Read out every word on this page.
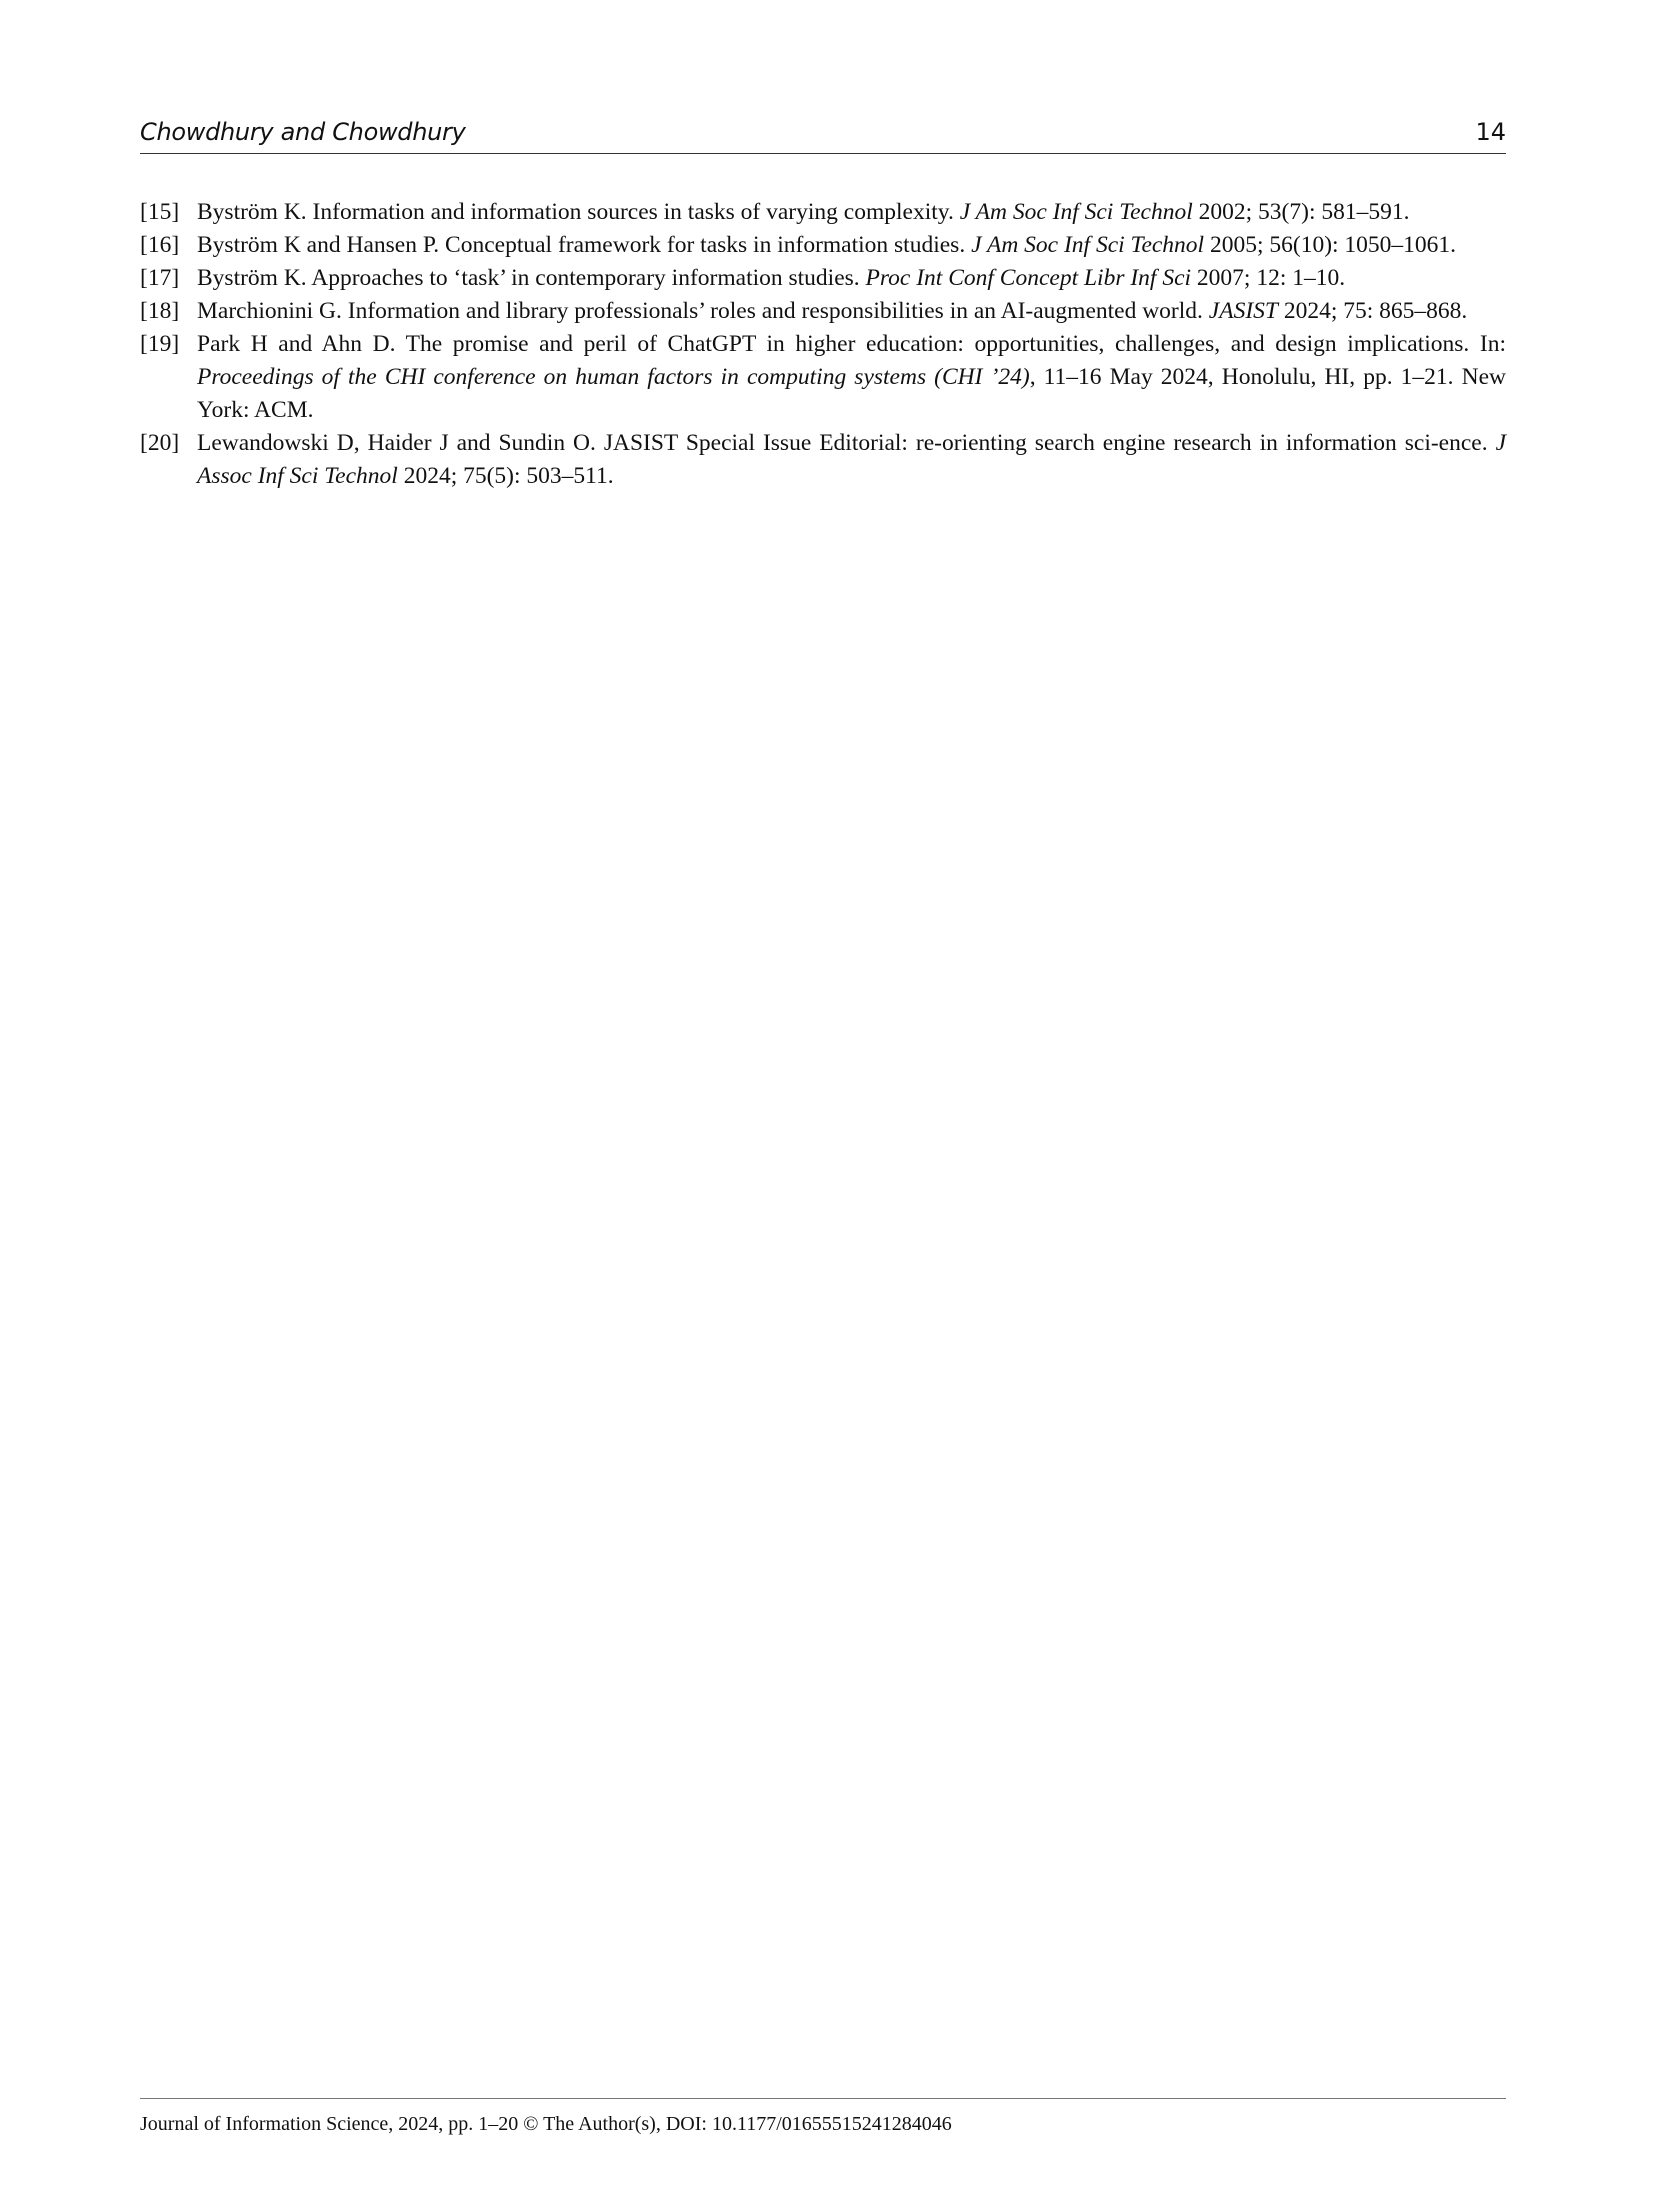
Chowdhury and Chowdhury	14

[15] Byström K. Information and information sources in tasks of varying complexity. J Am Soc Inf Sci Technol 2002; 53(7): 581–591.

[16] Byström K and Hansen P. Conceptual framework for tasks in information studies. J Am Soc Inf Sci Technol 2005; 56(10): 1050–1061.

[17] Byström K. Approaches to ‘task’ in contemporary information studies. Proc Int Conf Concept Libr Inf Sci 2007; 12: 1–10.

[18] Marchionini G. Information and library professionals’ roles and responsibilities in an AI-augmented world. JASIST 2024; 75: 865–868.

[19] Park H and Ahn D. The promise and peril of ChatGPT in higher education: opportunities, challenges, and design implications. In: Proceedings of the CHI conference on human factors in computing systems (CHI ’24), 11–16 May 2024, Honolulu, HI, pp. 1–21. New York: ACM.

[20] Lewandowski D, Haider J and Sundin O. JASIST Special Issue Editorial: re-orienting search engine research in information sci-ence. J Assoc Inf Sci Technol 2024; 75(5): 503–511.

Journal of Information Science, 2024, pp. 1–20 © The Author(s), DOI: 10.1177/01655515241284046
